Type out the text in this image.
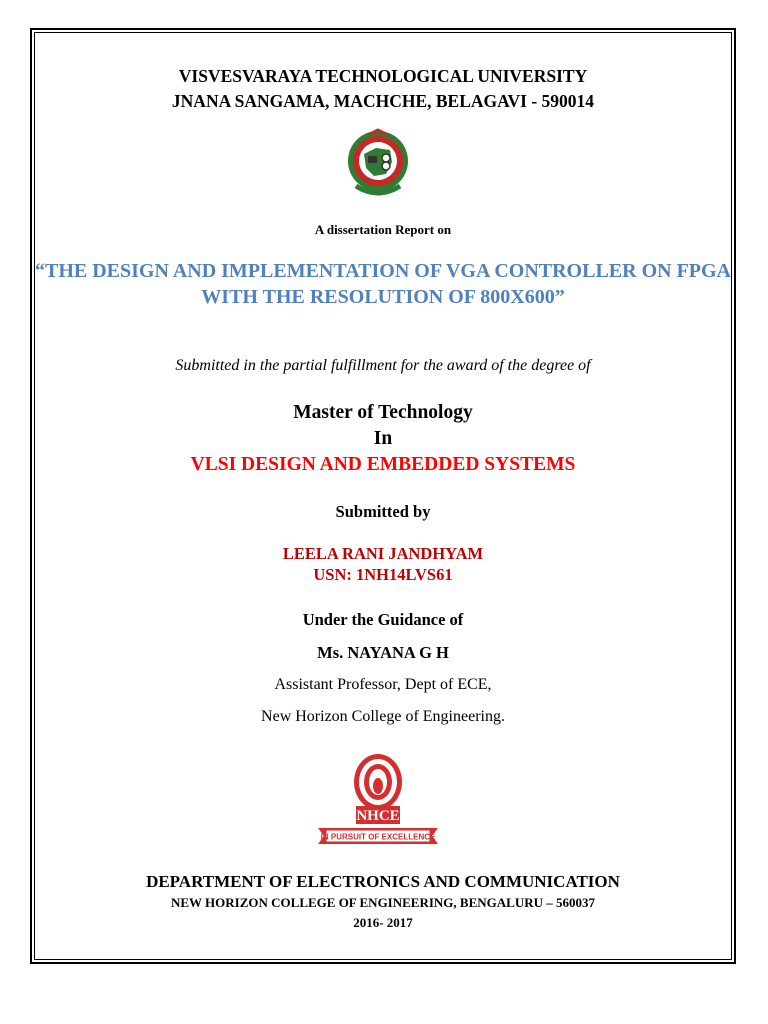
VISVESVARAYA TECHNOLOGICAL UNIVERSITY
JNANA SANGAMA, MACHCHE, BELAGAVI - 590014
A dissertation Report on
“THE DESIGN AND IMPLEMENTATION OF VGA CONTROLLER ON FPGA WITH THE RESOLUTION OF 800X600”
Submitted in the partial fulfillment for the award of the degree of
Master of Technology
In
VLSI DESIGN AND EMBEDDED SYSTEMS
Submitted by
LEELA RANI JANDHYAM
USN: 1NH14LVS61
Under the Guidance of
Ms. NAYANA G H
Assistant Professor, Dept of ECE,
New Horizon College of Engineering.
NHCE
IN PURSUIT OF EXCELLENCE
DEPARTMENT OF ELECTRONICS AND COMMUNICATION
NEW HORIZON COLLEGE OF ENGINEERING, BENGALURU – 560037
2016- 2017
